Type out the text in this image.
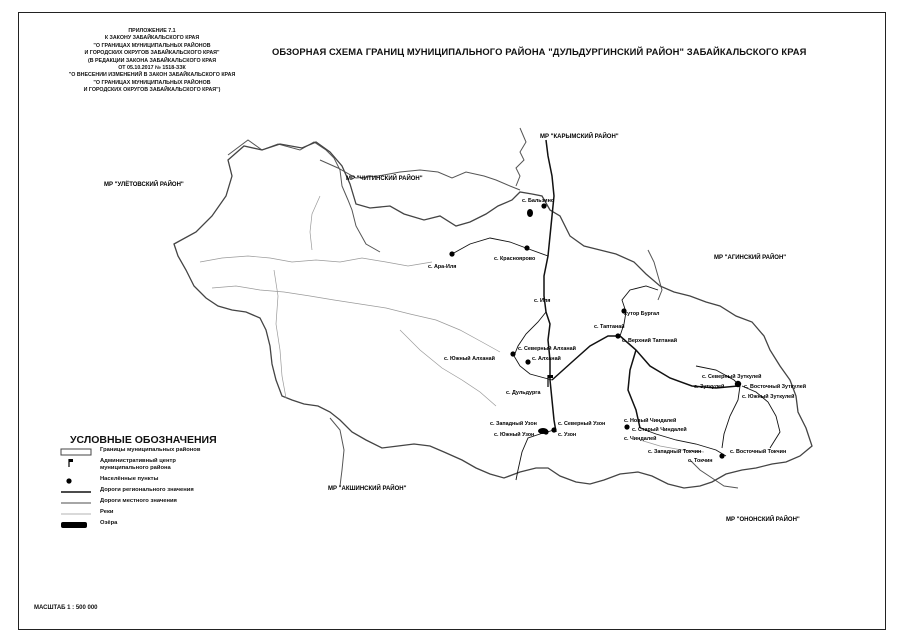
ПРИЛОЖЕНИЕ 7.1
К ЗАКОНУ ЗАБАЙКАЛЬСКОГО КРАЯ
"О ГРАНИЦАХ МУНИЦИПАЛЬНЫХ РАЙОНОВ
И ГОРОДСКИХ ОКРУГОВ ЗАБАЙКАЛЬСКОГО КРАЯ"
(В РЕДАКЦИИ ЗАКОНА ЗАБАЙКАЛЬСКОГО КРАЯ
ОТ 05.10.2017 № 1518-ЗЗК
"О ВНЕСЕНИИ ИЗМЕНЕНИЙ В ЗАКОН ЗАБАЙКАЛЬСКОГО КРАЯ
"О ГРАНИЦАХ МУНИЦИПАЛЬНЫХ РАЙОНОВ
И ГОРОДСКИХ ОКРУГОВ ЗАБАЙКАЛЬСКОГО КРАЯ")
ОБЗОРНАЯ СХЕМА ГРАНИЦ МУНИЦИПАЛЬНОГО РАЙОНА "ДУЛЬДУРГИНСКИЙ РАЙОН" ЗАБАЙКАЛЬСКОГО КРАЯ
МР "КАРЫМСКИЙ РАЙОН"
МР "УЛЁТОВСКИЙ РАЙОН"
МР "ЧИТИНСКИЙ РАЙОН"
МР "АГИНСКИЙ РАЙОН"
МР "АКШИНСКИЙ РАЙОН"
МР "ОНОНСКИЙ РАЙОН"
с. Бальзино
с. Ара-Иля
с. Красноярово
с. Иля
хутор Бургал
с. Таптанай
с. Верхний Таптанай
с. Северный Алханай
с. Южный Алханай	с. Алханай
с. Дульдурга
с. Западный Узон	с. Северный Узон
с. Южный Узон	с. Узон
с. Новый Чиндалей
с. Старый Чиндалей
с. Чиндалей
с. Северный Зуткулей
с. Зуткулей	с. Восточный Зуткулей
с. Южный Зуткулей
с. Западный Токчин	с. Восточный Токчин
с. Токчин
УСЛОВНЫЕ ОБОЗНАЧЕНИЯ
Границы муниципальных районов
Административный центр
муниципального района
Населённые пункты
Дороги регионального значения
Дороги местного значения
Реки
Озёра
МАСШТАБ 1 : 500 000
